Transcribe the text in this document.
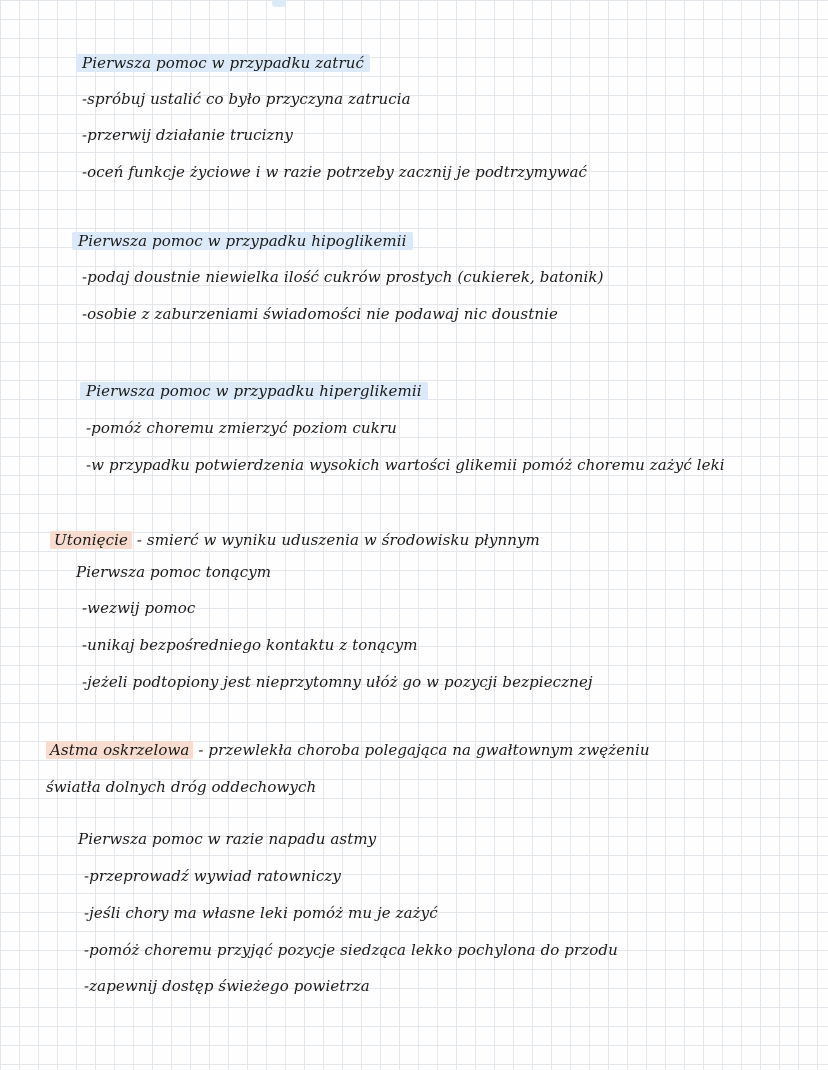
Pierwsza pomoc w przypadku zatruć
-spróbuj ustalić co było przyczyna zatrucia
-przerwij działanie trucizny
-oceń funkcje życiowe i w razie potrzeby zacznij je podtrzymywać
Pierwsza pomoc w przypadku hipoglikemii
-podaj doustnie niewielka ilość cukrów prostych (cukierek, batonik)
-osobie z zaburzeniami świadomości nie podawaj nic doustnie
Pierwsza pomoc w przypadku hiperglikemii
-pomóż choremu zmierzyć poziom cukru
-w przypadku potwierdzenia wysokich wartości glikemii pomóż choremu zażyć leki
Utonięcie - smierć w wyniku uduszenia w środowisku płynnym
Pierwsza pomoc tonącym
-wezwij pomoc
-unikaj bezpośredniego kontaktu z tonącym
-jeżeli podtopiony jest nieprzytomny ułóż go w pozycji bezpiecznej
Astma oskrzelowa - przewlekła choroba polegająca na gwałtownym zwężeniu
światła dolnych dróg oddechowych
Pierwsza pomoc w razie napadu astmy
-przeprowadź wywiad ratowniczy
-jeśli chory ma własne leki pomóż mu je zażyć
-pomóż choremu przyjąć pozycje siedząca lekko pochylona do przodu
-zapewnij dostęp świeżego powietrza
